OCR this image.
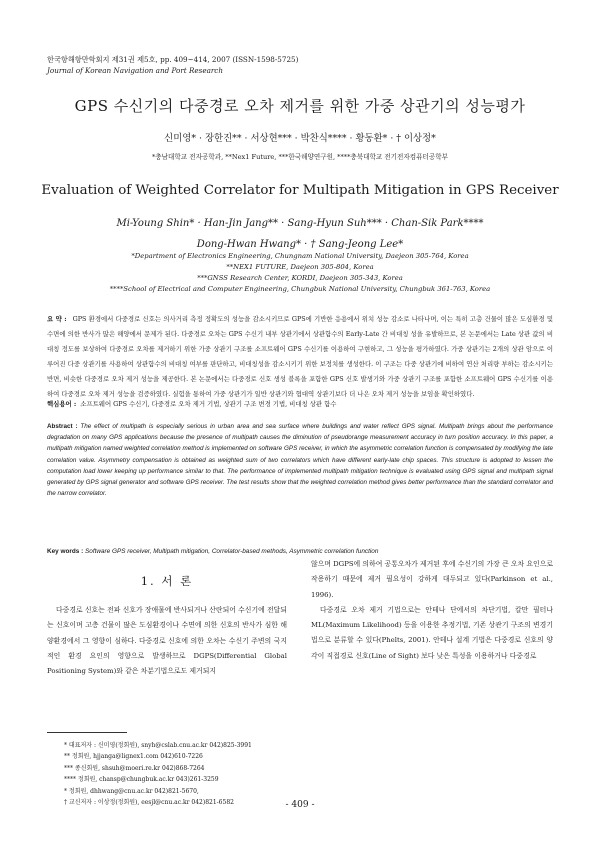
한국항해항만학회지 제31권 제5호, pp. 409~414, 2007 (ISSN-1598-5725)
Journal of Korean Navigation and Port Research
GPS 수신기의 다중경로 오차 제거를 위한 가중 상관기의 성능평가
신미영* · 장한진** · 서상현*** · 박찬식**** · 황동환* · † 이상정*
*충남대학교 전자공학과, **Nex1 Future, ***한국해양연구원, ****충북대학교 전기전자컴퓨터공학부
Evaluation of Weighted Correlator for Multipath Mitigation in GPS Receiver
Mi-Young Shin* · Han-Jin Jang** · Sang-Hyun Suh*** · Chan-Sik Park****
Dong-Hwan Hwang* · † Sang-Jeong Lee*
*Department of Electronics Engineering, Chungnam National University, Daejeon 305-764, Korea
**NEX1 FUTURE, Daejeon 305-804, Korea
***GNSS Research Center, KORDI, Daejeon 305-343, Korea
****School of Electrical and Computer Engineering, Chungbuk National University, Chungbuk 361-763, Korea
요 약 : GPS 환경에서 다중경로 신호는 의사거리 측정 정확도의 성능을 감소시키므로 GPS에 기반한 응용에서 위치 성능 감소로 나타나며, 이는 특히 고층 건물이 많은 도심환경 및 수면에 의한 반사가 많은 해양에서 문제가 된다. 다중경로 오차는 GPS 수신기 내부 상관기에서 상관함수의 Early-Late 간 비대칭 성을 유발하므로, 본 논문에서는 Late 상관 값의 비대칭 정도를 보상하여 다중경로 오차를 제거하기 위한 가중 상관기 구조를 소프트웨어 GPS 수신기를 이용하여 구현하고, 그 성능을 평가하였다. 가중 상관기는 2개의 상관 암으로 이루어진 다중 상관기를 사용하여 상관함수의 비대칭 여부를 판단하고, 비대칭성을 감소시키기 위한 보정치를 생성한다. 이 구조는 다중 상관기에 비하여 연산 처리량 부하는 감소시키는 반면, 비슷한 다중경로 오차 제거 성능을 제공한다. 본 논문에서는 다중경로 신호 생성 블록을 포함한 GPS 신호 발생기와 가중 상관기 구조를 포함한 소프트웨어 GPS 수신기를 이용하여 다중경로 오차 제거 성능을 검증하였다. 실험을 통하여 가중 상관기가 일반 상관기와 협대역 상관기보다 더 나은 오차 제거 성능을 보임을 확인하였다.
핵심용어 : 소프트웨어 GPS 수신기, 다중경로 오차 제거 기법, 상관기 구조 변경 기법, 비대칭 상관 함수
Abstract : The effect of multipath is especially serious in urban area and sea surface where buildings and water reflect GPS signal. Multipath brings about the performance degradation on many GPS applications because the presence of multipath causes the diminution of pseudorange measurement accuracy in turn position accuracy. In this paper, a multipath mitigation named weighted correlation method is implemented on software GPS receiver, in which the asymmetric correlation function is compensated by modifying the late correlation value. Asymmetry compensation is obtained as weighted sum of two correlators which have different early-late chip spaces. This structure is adopted to lessen the computation load lower keeping up performance similar to that. The performance of implemented multipath mitigation technique is evaluated using GPS signal and multipath signal generated by GPS signal generator and software GPS receiver. The test results show that the weighted correlation method gives better performance than the standard correlator and the narrow correlator.
Key words : Software GPS receiver, Multipath mitigation, Correlator-based methods, Asymmetric correlation function
1. 서 론

다중경로 신호는 전파 신호가 장애물에 반사되거나 산란되어 수신기에 전달되는 신호이며 고층 건물이 많은 도심환경이나 수면에 의한 신호의 반사가 심한 해양환경에서 그 영향이 심하다. 다중경로 신호에 의한 오차는 수신기 주변의 국지적인 환경 요인의 영향으로 발생하므로 DGPS(Differential Global Positioning System)와 같은 차분기법으로도 제거되지

않으며 DGPS에 의하여 공통오차가 제거된 후에 수신기의 가장 큰 오차 요인으로 작용하기 때문에 제거 필요성이 강하게 대두되고 있다(Parkinson et al., 1996).

다중경로 오차 제거 기법으로는 안테나 단에서의 차단기법, 칼만 필터나 ML(Maximum Likelihood) 등을 이용한 추정기법, 기존 상관기 구조의 변경기법으로 분류할 수 있다(Phelts, 2001). 안테나 설계 기법은 다중경로 신호의 양각이 직접경로 신호(Line of Sight) 보다 낮은 특성을 이용하거나 다중경로

* 대표저자 : 신미영(정회원), snyh@cslab.cnu.ac.kr 042)825-3991
** 정회원, hjjanga@lignex1.com 042)610-7226
*** 종신회원, shsuh@moeri.re.kr 042)868-7264
**** 정회원, chansp@chungbuk.ac.kr 043)261-3259
* 정회원, dhhwang@cnu.ac.kr 042)821-5670,
† 교신저자 : 이상정(정회원), eesjl@cnu.ac.kr 042)821-6582	- 409 -
